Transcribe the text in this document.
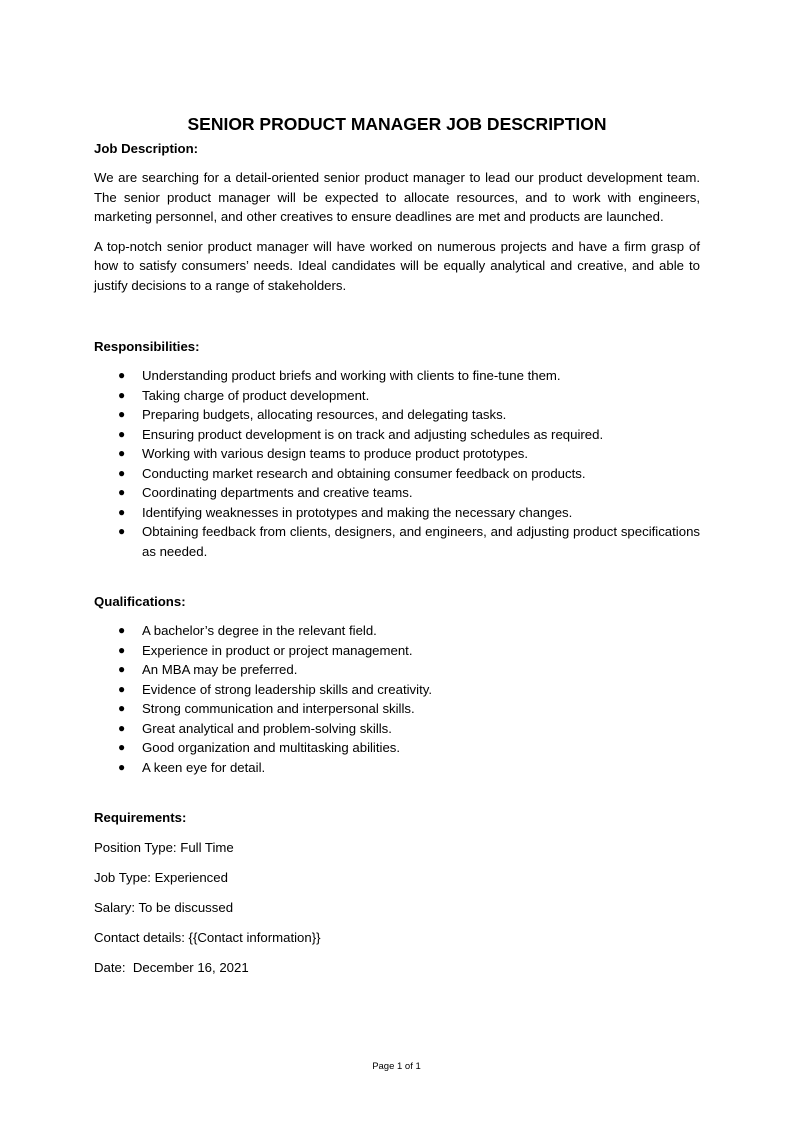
SENIOR PRODUCT MANAGER JOB DESCRIPTION
Job Description:

We are searching for a detail-oriented senior product manager to lead our product development team. The senior product manager will be expected to allocate resources, and to work with engineers, marketing personnel, and other creatives to ensure deadlines are met and products are launched.

A top-notch senior product manager will have worked on numerous projects and have a firm grasp of how to satisfy consumers’ needs. Ideal candidates will be equally analytical and creative, and able to justify decisions to a range of stakeholders.

Responsibilities:
● Understanding product briefs and working with clients to fine-tune them.
● Taking charge of product development.
● Preparing budgets, allocating resources, and delegating tasks.
● Ensuring product development is on track and adjusting schedules as required.
● Working with various design teams to produce product prototypes.
● Conducting market research and obtaining consumer feedback on products.
● Coordinating departments and creative teams.
● Identifying weaknesses in prototypes and making the necessary changes.
● Obtaining feedback from clients, designers, and engineers, and adjusting product specifications as needed.
Qualifications:
● A bachelor’s degree in the relevant field.
● Experience in product or project management.
● An MBA may be preferred.
● Evidence of strong leadership skills and creativity.
● Strong communication and interpersonal skills.
● Great analytical and problem-solving skills.
● Good organization and multitasking abilities.
● A keen eye for detail.
Requirements:

Position Type: Full Time

Job Type: Experienced

Salary: To be discussed

Contact details: {{Contact information}}

Date:  December 16, 2021

Page 1 of 1
